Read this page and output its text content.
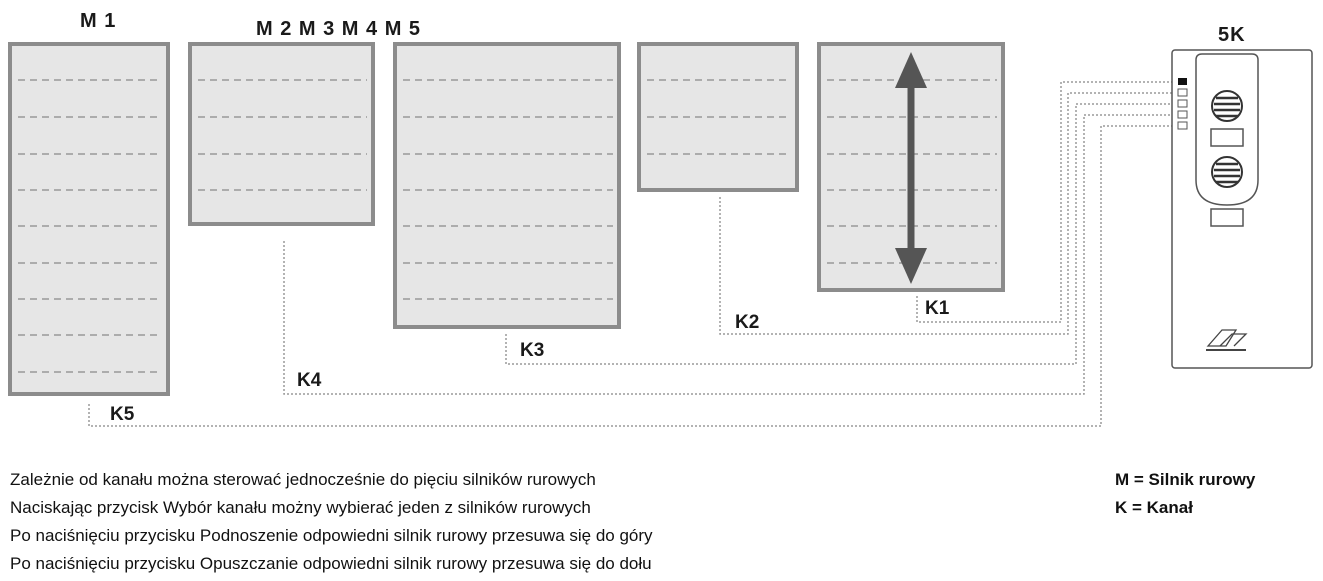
M 1	M 2 M 3 M 4 M 5	5K
K1
K2
K3
K4
K5
Zależnie od kanału można sterować jednocześnie do pięciu silników rurowych
Naciskając przycisk Wybór kanału możny wybierać jeden z silników rurowych
Po naciśnięciu przycisku Podnoszenie odpowiedni silnik rurowy przesuwa się do góry
Po naciśnięciu przycisku Opuszczanie odpowiedni silnik rurowy przesuwa się do dołu
M = Silnik rurowy
K = Kanał
